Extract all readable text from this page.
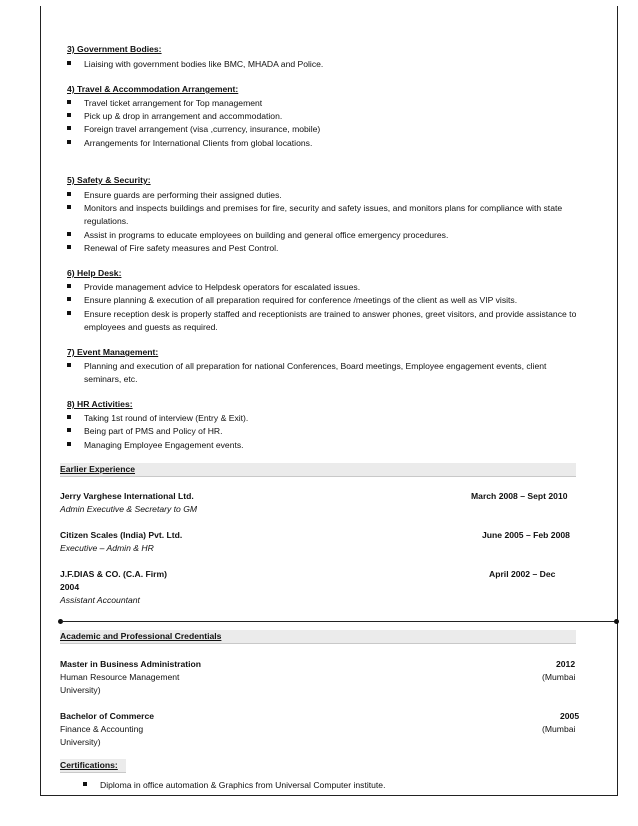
3) Government Bodies:
Liaising with government bodies like BMC, MHADA and Police.
4) Travel & Accommodation Arrangement:
Travel ticket arrangement for Top management
Pick up & drop in arrangement and accommodation.
Foreign travel arrangement (visa ,currency, insurance, mobile)
Arrangements for International Clients from global locations.
5) Safety & Security:
Ensure guards are performing their assigned duties.
Monitors and inspects buildings and premises for fire, security and safety issues, and monitors plans for compliance with state regulations.
Assist in programs to educate employees on building and general office emergency procedures.
Renewal of Fire safety measures and Pest Control.
6) Help Desk:
Provide management advice to Helpdesk operators for escalated issues.
Ensure planning & execution of all preparation required for conference /meetings of the client as well as VIP visits.
Ensure reception desk is properly staffed and receptionists are trained to answer phones, greet visitors, and provide assistance to employees and guests as required.
7) Event Management:
Planning and execution of all preparation for national Conferences, Board meetings, Employee engagement events, client seminars, etc.
8) HR Activities:
Taking 1st round of interview (Entry & Exit).
Being part of PMS and Policy of HR.
Managing Employee Engagement events.
Earlier Experience
Jerry Varghese International Ltd.	March 2008 – Sept 2010
Admin Executive & Secretary to GM
Citizen Scales (India) Pvt. Ltd.	June 2005 – Feb 2008
Executive – Admin & HR
J.F.DIAS & CO. (C.A. Firm)	April 2002 – Dec
2004
Assistant Accountant
Academic and Professional Credentials
Master in Business Administration	2012
Human Resource Management	(Mumbai
University)
Bachelor of Commerce	2005
Finance & Accounting	(Mumbai
University)
Certifications:
Diploma in office automation & Graphics from Universal Computer institute.
